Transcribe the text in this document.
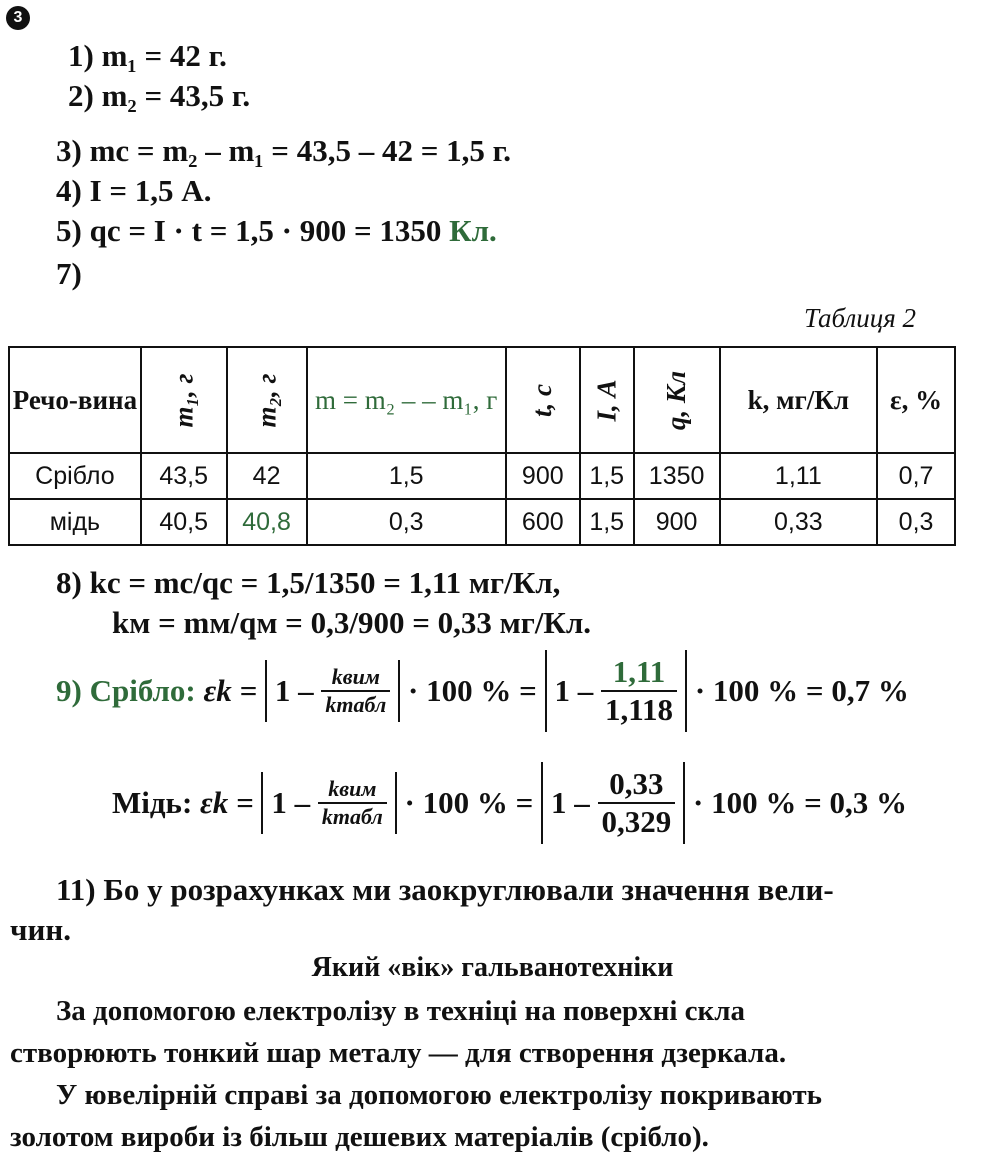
3
1) m₁ = 42 г.
2) m₂ = 43,5 г.
3) mс = m₂ – m₁ = 43,5 – 42 = 1,5 г.
4) I = 1,5 А.
5) qс = I · t = 1,5 · 900 = 1350 Кл.
7)
Таблиця 2
Речо-вина	m₁, г	m₂, г	m = m₂ – – m₁, г	t, с	I, А	q, Кл	k, мг/Кл	ε, %
Срібло	43,5	42	1,5	900	1,5	1350	1,11	0,7
мідь	40,5	40,8	0,3	600	1,5	900	0,33	0,3
8) kс = mс/qс = 1,5/1350 = 1,11 мг/Кл,
kм = mм/qм = 0,3/900 = 0,33 мг/Кл.
9) Срібло: $\varepsilon k = 1 - \frac{\text{kвим}}{\text{kтабл}} \cdot 100$ % = $1 - \frac{1,11}{1,118} \cdot 100$ % = 0,7 %
Мідь: $\varepsilon k = 1 - \frac{\text{kвим}}{\text{kтабл}} \cdot 100$ % = $1 - \frac{0,33}{0,329} \cdot 100$ % = 0,3 %
11) Бо у розрахунках ми заокруглювали значення вели-
чин.
Який «вік» гальванотехніки
За допомогою електролізу в техніці на поверхні скла
створюють тонкий шар металу — для створення дзеркала.
У ювелірній справі за допомогою електролізу покривають
золотом вироби із більш дешевих матеріалів (срібло).
